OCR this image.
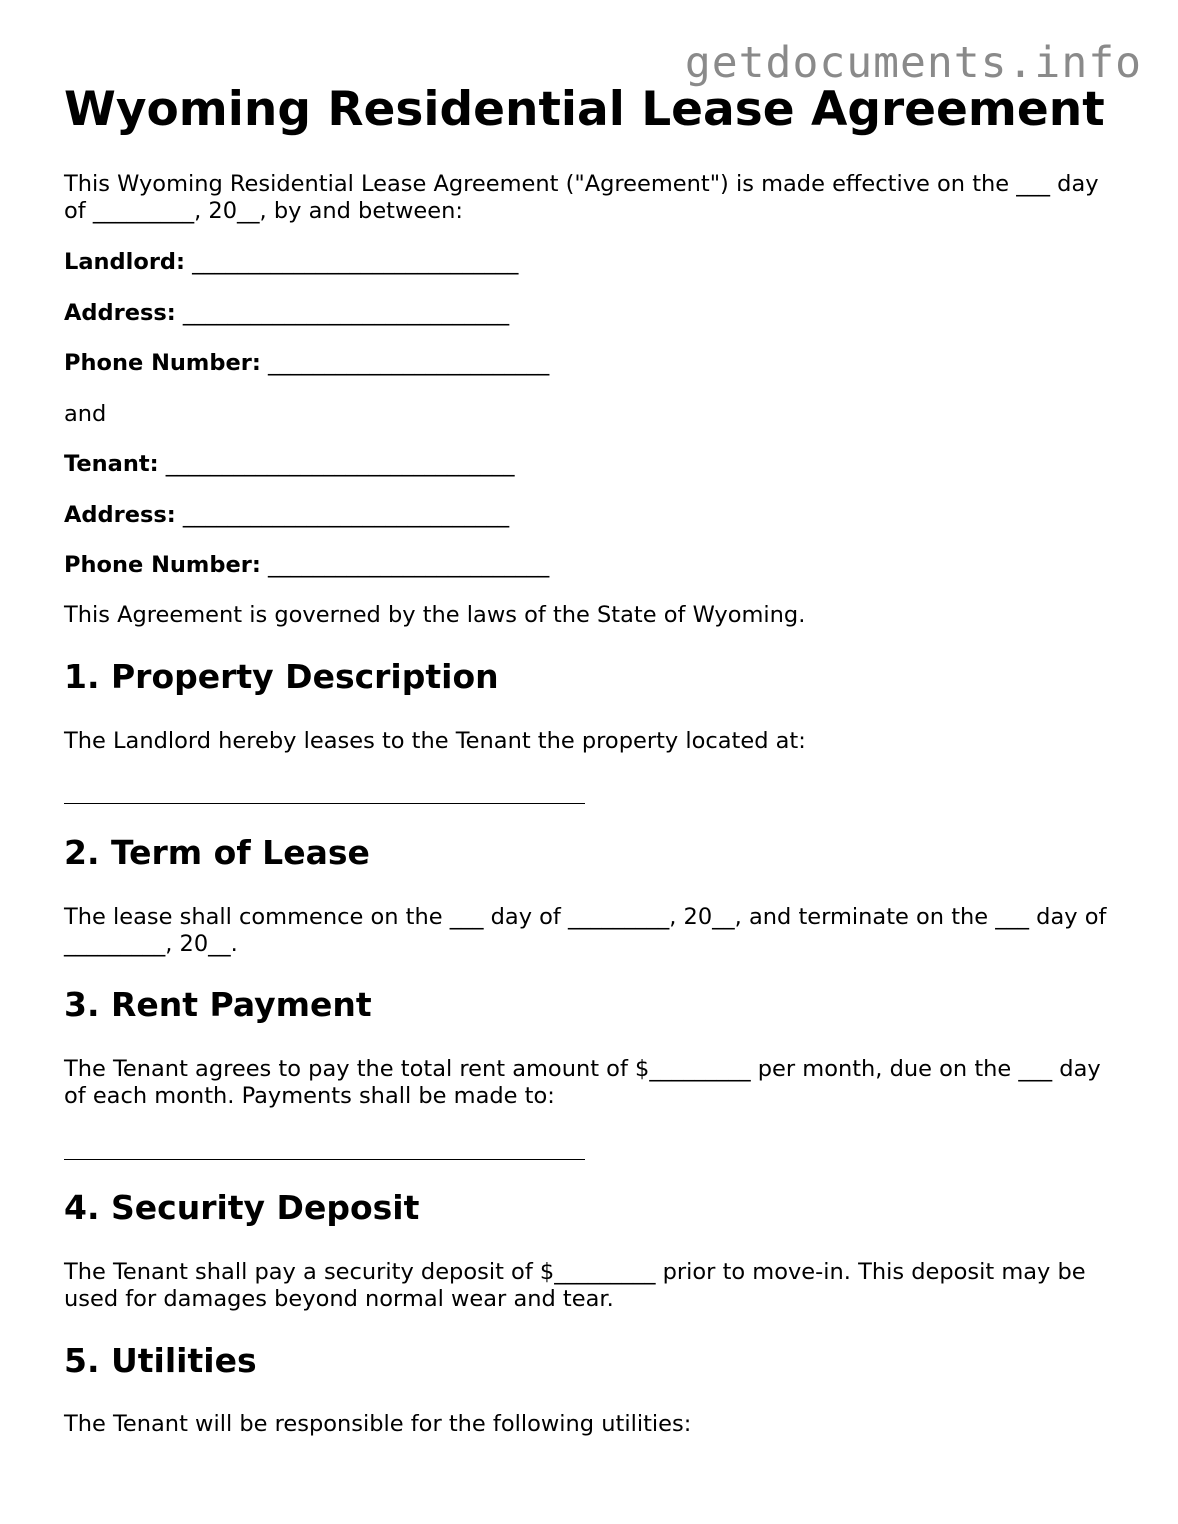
getdocuments.info
Wyoming Residential Lease Agreement

This Wyoming Residential Lease Agreement ("Agreement") is made effective on the ___ day of _________, 20__, by and between:

Landlord: _____________________________

Address: _____________________________

Phone Number: _________________________

and

Tenant: _______________________________

Address: _____________________________

Phone Number: _________________________

This Agreement is governed by the laws of the State of Wyoming.

1. Property Description

The Landlord hereby leases to the Tenant the property located at:

2. Term of Lease

The lease shall commence on the ___ day of _________, 20__, and terminate on the ___ day of _________, 20__.

3. Rent Payment

The Tenant agrees to pay the total rent amount of $_________ per month, due on the ___ day of each month. Payments shall be made to:

4. Security Deposit

The Tenant shall pay a security deposit of $_________ prior to move-in. This deposit may be used for damages beyond normal wear and tear.

5. Utilities

The Tenant will be responsible for the following utilities:
